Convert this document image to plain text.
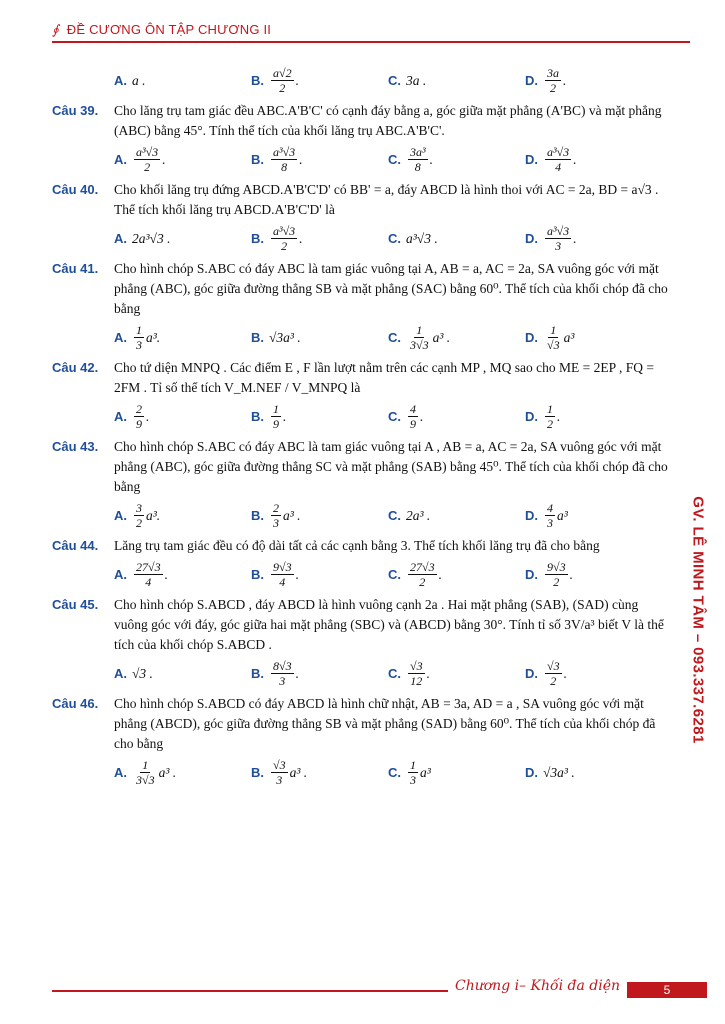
∮ ĐỀ CƯƠNG ÔN TẬP CHƯƠNG II
GV. LÊ MINH TÂM – 093.337.6281
A. a .	B. $\frac{a√2}{2}$ .	C. 3a .	D. $\frac{3a}{2}$ .
Câu 39. Cho lăng trụ tam giác đều ABC.A'B'C' có cạnh đáy bằng a, góc giữa mặt phẳng (A'BC) và mặt phẳng (ABC) bằng 45°. Tính thể tích của khối lăng trụ ABC.A'B'C'.
A. $\frac{\text{a³√3}}{2}$ .	B. $\frac{\text{a³√3}}{8}$ .	C. $\frac{\text{3a³}}{8}$ .	D. $\frac{\text{a³√3}}{4}$ .
Câu 40. Cho khối lăng trụ đứng ABCD.A'B'C'D' có BB' = a, đáy ABCD là hình thoi với AC = 2a, BD = a√3 . Thể tích khối lăng trụ ABCD.A'B'C'D' là
A. 2a³√3 .	B. $\frac{\text{a³√3}}{2}$ .	C. a³√3 .	D. $\frac{\text{a³√3}}{3}$ .
Câu 41. Cho hình chóp S.ABC có đáy ABC là tam giác vuông tại A, AB = a, AC = 2a, SA vuông góc với mặt phẳng (ABC), góc giữa đường thẳng SB và mặt phẳng (SAC) bằng 60⁰. Thể tích của khối chóp đã cho bằng
A. $\frac{1}{3} a^3$.	B. √3a³ .	C. $\frac{1}{3√3} a^3$ .	D. $\frac{1}{√3} a^3$
Câu 42. Cho tứ diện MNPQ . Các điểm E , F lần lượt nằm trên các cạnh MP , MQ sao cho ME = 2EP , FQ = 2FM . Tỉ số thể tích V_M.NEF / V_MNPQ là
A. $\frac{2}{9}$ .	B. $\frac{1}{9}$ .	C. $\frac{4}{9}$ .	D. $\frac{1}{2}$ .
Câu 43. Cho hình chóp S.ABC có đáy ABC là tam giác vuông tại A , AB = a, AC = 2a, SA vuông góc với mặt phẳng (ABC), góc giữa đường thẳng SC và mặt phẳng (SAB) bằng 45⁰. Thể tích của khối chóp đã cho bằng
A. $\frac{3}{2} a^3$.	B. $\frac{2}{3} a^3$ .	C. 2a³ .	D. $\frac{4}{3} a^3$
Câu 44. Lăng trụ tam giác đều có độ dài tất cả các cạnh bằng 3. Thể tích khối lăng trụ đã cho bằng
A. $\frac{27√3}{4}$ .	B. $\frac{9√3}{4}$ .	C. $\frac{27√3}{2}$ .	D. $\frac{9√3}{2}$ .
Câu 45. Cho hình chóp S.ABCD , đáy ABCD là hình vuông cạnh 2a . Hai mặt phẳng (SAB), (SAD) cùng vuông góc với đáy, góc giữa hai mặt phẳng (SBC) và (ABCD) bằng 30°. Tính tỉ số 3V/a³ biết V là thể tích của khối chóp S.ABCD .
A. √3 .	B. $\frac{8√3}{3}$ .	C. $\frac{√3}{12}$ .	D. $\frac{√3}{2}$ .
Câu 46. Cho hình chóp S.ABCD có đáy ABCD là hình chữ nhật, AB = 3a, AD = a , SA vuông góc với mặt phẳng (ABCD), góc giữa đường thẳng SB và mặt phẳng (SAD) bằng 60⁰. Thể tích của khối chóp đã cho bằng
A. $\frac{1}{3√3} a^3$ .	B. $\frac{√3}{3} a^3$ .	C. $\frac{1}{3} a^3$	D. √3a³ .
Chương i– Khối đa diện	5
